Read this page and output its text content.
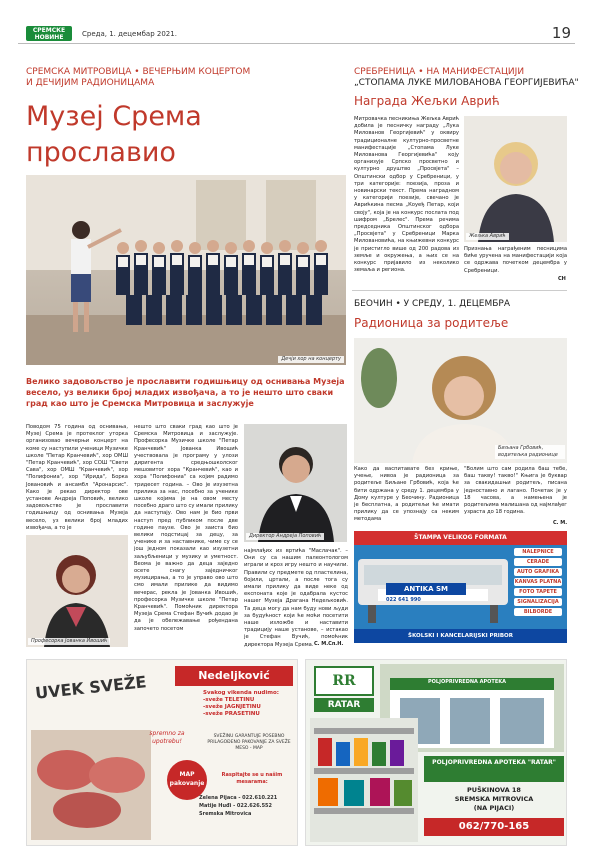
СРЕМСКЕ
НОВИНЕ	Среда, 1. децембар 2021.	19
СРЕМСКА МИТРОВИЦА • ВЕЧЕРЊИМ КОЦЕРТОМ
И ДЕЧИЈИМ РАДИОНИЦАМА
Музеј Срема прославио
Дечји хор на концерту
Велико задовољство је прославити годишњицу од оснивања Музеја весело, уз велики број младих извођача, а то је нешто што сваки град као што је Сремска Митровица и заслужује
Поводом 75 година од оснивања, Музеј Срема је протеклог уторка организовао вечерњи концерт на коме су наступили ученици Музичке школе "Петар Кранчевић", хор ОМШ "Петар Кранчевић", хор СОШ "Свети Сава", хор ОМШ "Кранчевић", хор "Полифониа", хор "Ирида", Борка Јовановић и ансамбл "Аронарсис". Како је рекао директор ове установе Андреја Поповић, велико задовољство је прославити годишњицу од оснивања Музеја весело, уз велики број младих извођача, а то је
Професорка Јованка Ивошић
нешто што сваки град као што је Сремска Митровица и заслужује. Професорка Музичке школе "Петар Кранчевић" Јованка Ивошић учествовала је програму у улози диригента средњошколског мешовитог хора "Кранчевић", као и хора "Полифониа" са којим радимо тридесет година. – Ово је изузетна прилика за нас, посебно за ученике школе којима је на овом месту посебно драго што су имали прилику да наступају. Ово нам је био први наступ пред публиком после две године паузе. Ово је заиста био велики подстицај за децу, за ученике и за наставнике, чиме су се још једном показали као изузетни заљубљеници у музику и уметност. Веома је важно да деца заједно осете снагу заједничког музицирања, а то је управо ово што смо имали прилике да видимо вечерас, рекла је Јованка Ивошић, професорка Музичке школе "Петар Кранчевић". Помоћник директора Музеја Срема Стефан Вучић додао је да је обележавање рођендана започето посетом
Директор Андреја Поповић
најмлађих из вртића "Маслачак". – Они су са нашим палеонтологом играли и кроз игру нешто и научили. Правили су предмете од пластелина, бојили, цртали, а после тога су имали прилику да виде неке од експоната које је одабрала кустос нашег Музеја Драгана Недељковић. Та деца могу да нам буду нови људи за будућност који ће моћи посетити наше изложбе и наставити традицију наше установе, – истакао је Стефан Вучић, помоћник директора Музеја Срема. С. М.Сп.Н.
СРЕБРЕНИЦА • НА МАНИФЕСТАЦИЈИ
„СТОПАМА ЛУКЕ МИЛОВАНОВА ГЕОРГИЈЕВИЋА"
Награда Жељки Аврић
Митровачка песникиња Жељка Аврић добила је песничку награду „Лука Милованов Георгијевић" у оквиру традиционалне културно-просветне манифестације „Стопама Луке Миловановa Георгијевића" коју организује Српско просветно и културно друштво „Просвјета" – Општински одбор у Сребреници, у три категорије: поезија, проза и новинарски текст. Према наградном у категорији поезије, свечано је Аврићкина песма „Коуеђ Петар, који своју", која је на конкурс послата под шифром „Брелес". Према речима председника Општинског одбора „Просвјета" у Сребреници Марка Миловановића, на књижевни конкурс је пристигло више од 200 радова из земље и окружења, а њих се на конкурс пријавило из неколико земаља и региона.
Жељка Аврић
Признања награђеним песницима биће уручена на манифестацији која се одржава почетком децембра у Сребреници.
СН
БЕОЧИН • У СРЕДУ, 1. ДЕЦЕМБРА
Радионица за родитеље
Биљана Грбовић, водитељка радионице
Како да васпитавате без криње, учење, нивоа је радионица за родитеље Биљане Грбовић, која ће бити одржана у среду 1. децембра у Дому културе у Беочину. Радионица је бесплатна, а родитељи ће имати прилику да се упознају са неким методама
"Волим што сам родила баш тебе, баш такву! такво!" Књига је буквар за свакидашњи родитељ, писана једноставно и лагано. Почетак је у 18 часова, а намењена је родитељима малишана од најмлађег узраста до 18 година.
С. М.
ŠTAMPA VELIKOG FORMATA
ANTIKA SM
022 641 990
NALEPNICE
CERADE
AUTO GRAFIKA
KANVAS PLATNA
FOTO TAPETE
SIGNALIZACIJA
BILBORDE
ŠKOLSKI I KANCELARIJSKI PRIBOR
UVEK SVEŽE
spremno za upotrebu!
Nedeljković
Svakog vikenda nudimo:
-sveže TELETINU
-sveže JAGNJETINU
-sveže PRASETINU
SVEŽINU GARANTUJE POSEBNO PRILAGOĐENO PAKOVANJE ZA SVEŽE MESO - MAP
MAP pakovanje
Raspitajte se u našim mesarama:
Zelena Pijaca - 022.610.221
Matije Huđi - 022.626.552
Sremska Mitrovica
RR
RATAR
POLJOPRIVREDNA APOTEKA
POLJOPRIVREDNA APOTEKA "RATAR"
PUŠKINOVA 18
SREMSKA MITROVICA
(NA PIJACI)
062/770-165
